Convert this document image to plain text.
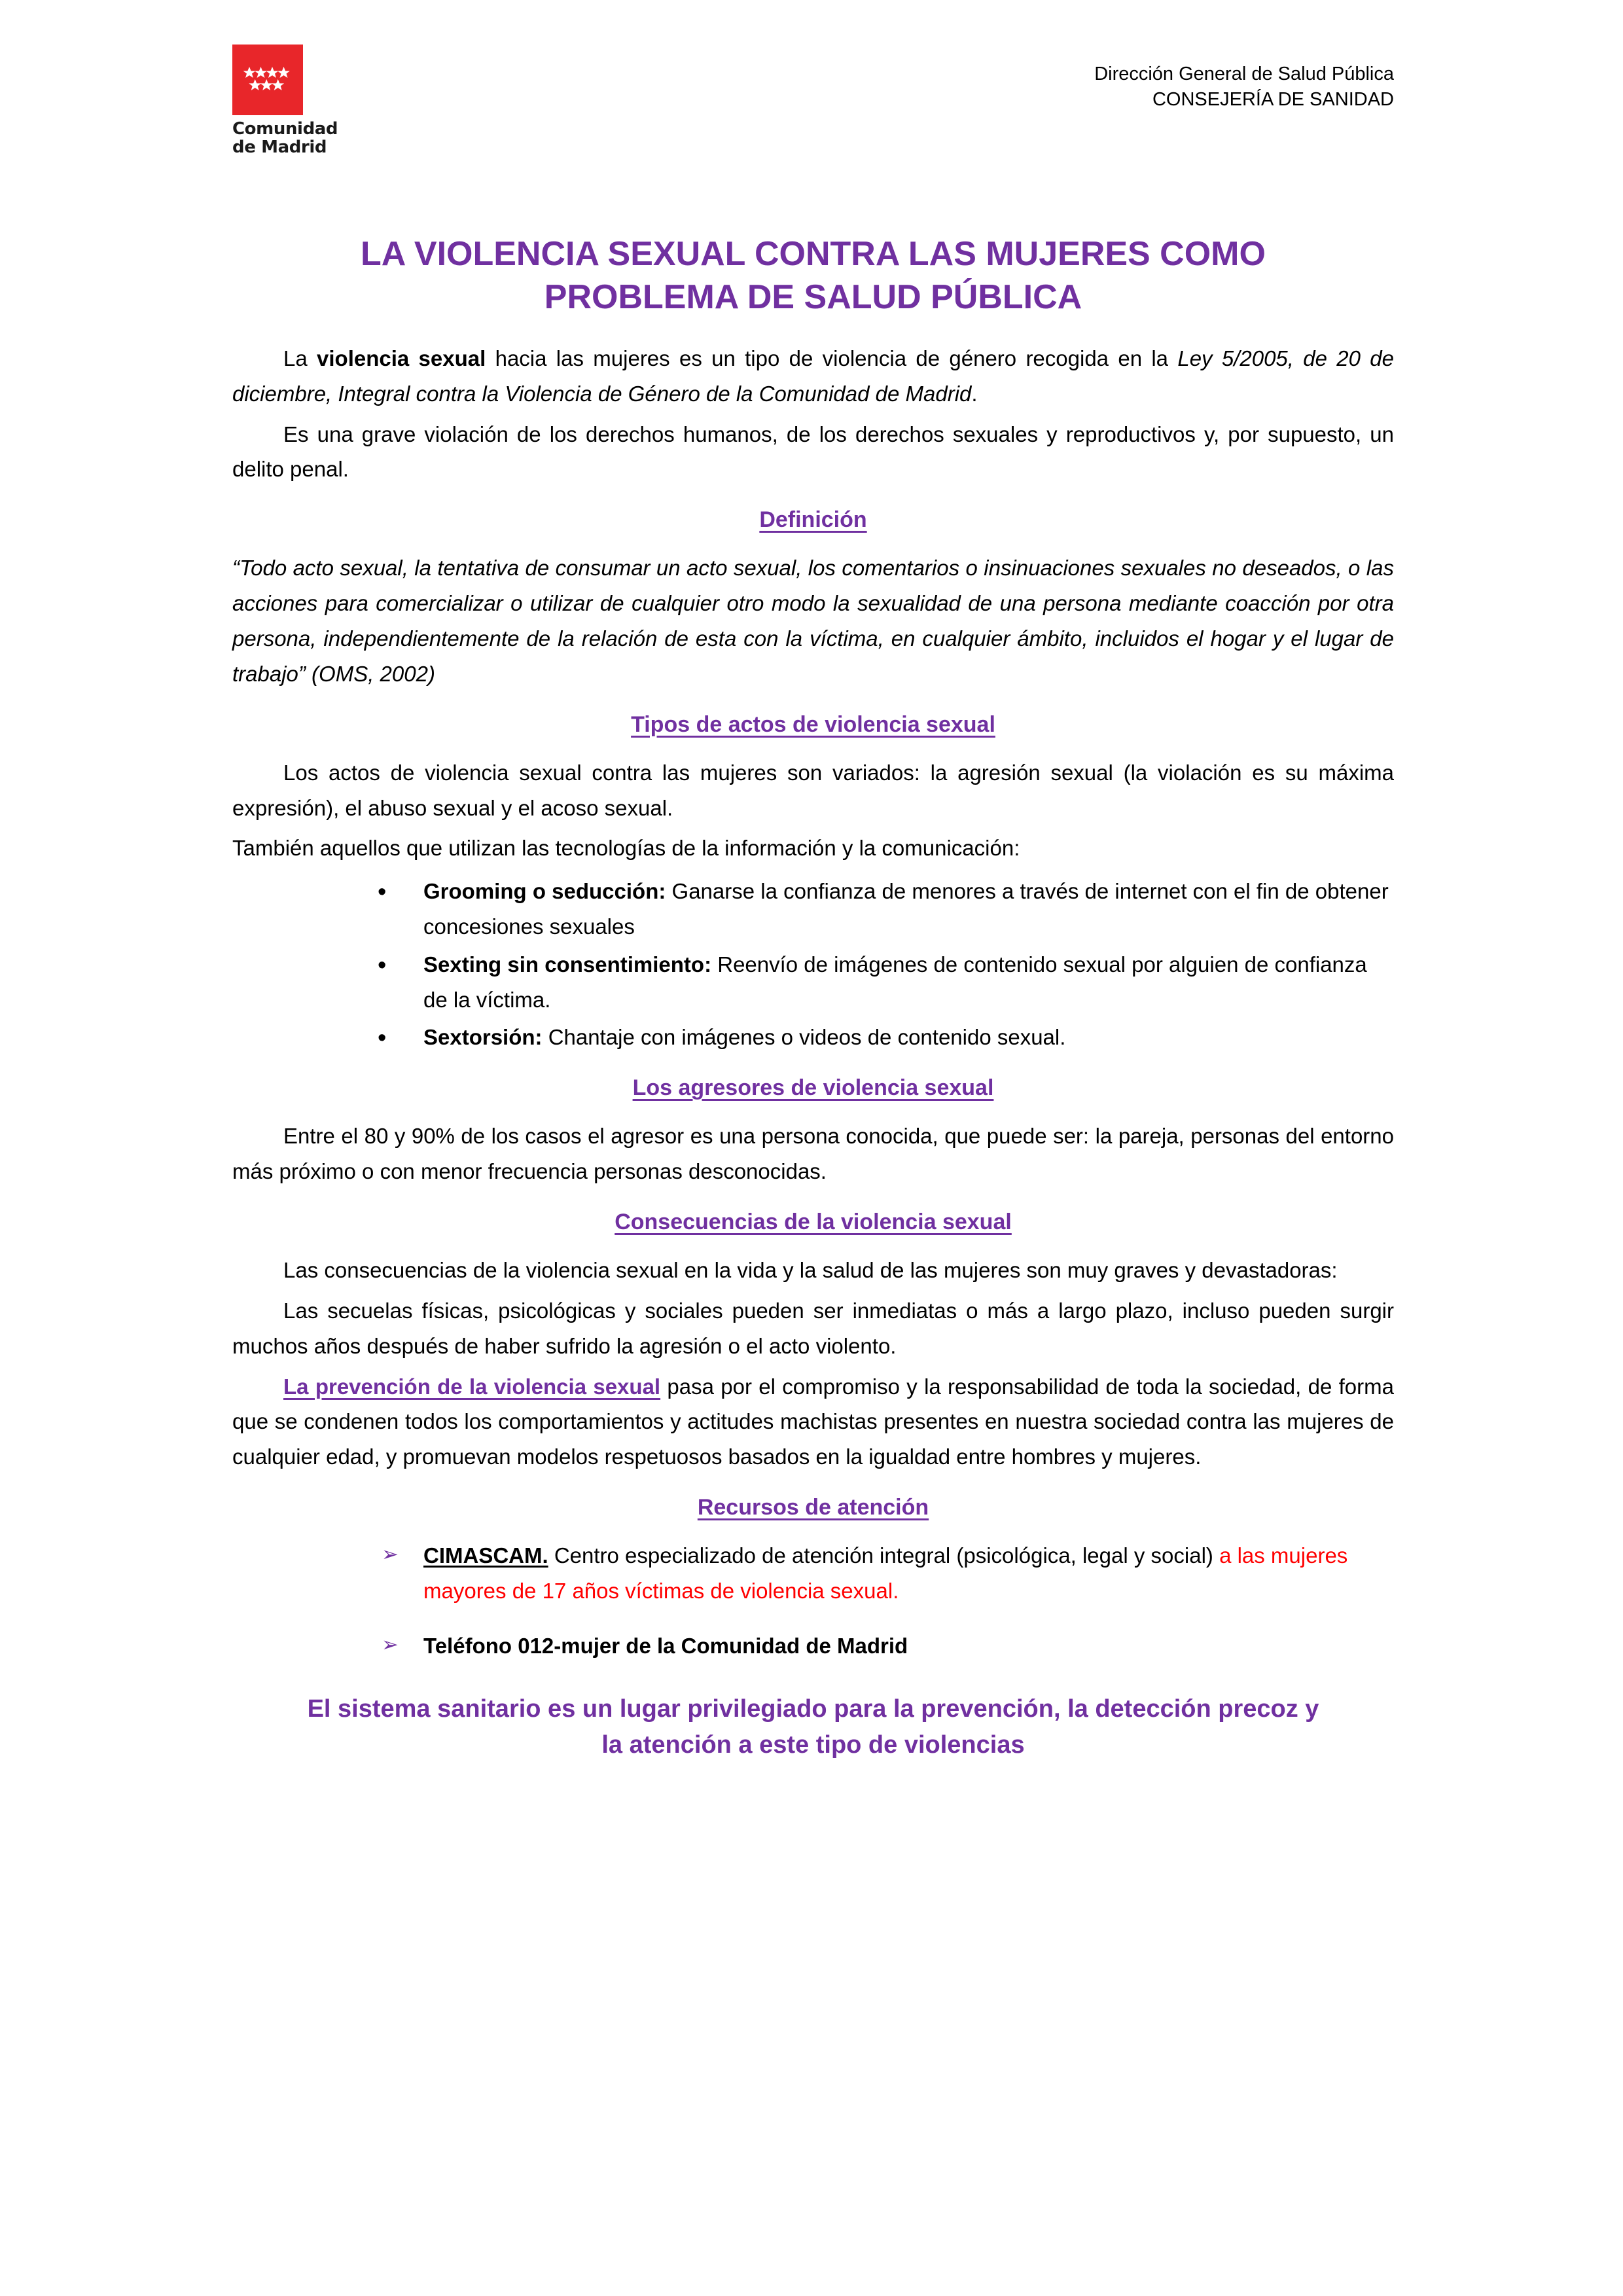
Comunidad
de Madrid
Dirección General de Salud Pública
CONSEJERÍA DE SANIDAD
LA VIOLENCIA SEXUAL CONTRA LAS MUJERES COMO
PROBLEMA DE SALUD PÚBLICA

La violencia sexual hacia las mujeres es un tipo de violencia de género recogida en la Ley 5/2005, de 20 de diciembre, Integral contra la Violencia de Género de la Comunidad de Madrid.

Es una grave violación de los derechos humanos, de los derechos sexuales y reproductivos y, por supuesto, un delito penal.

Definición

“Todo acto sexual, la tentativa de consumar un acto sexual, los comentarios o insinuaciones sexuales no deseados, o las acciones para comercializar o utilizar de cualquier otro modo la sexualidad de una persona mediante coacción por otra persona, independientemente de la relación de esta con la víctima, en cualquier ámbito, incluidos el hogar y el lugar de trabajo” (OMS, 2002)

Tipos de actos de violencia sexual

Los actos de violencia sexual contra las mujeres son variados: la agresión sexual (la violación es su máxima expresión), el abuso sexual y el acoso sexual.

También aquellos que utilizan las tecnologías de la información y la comunicación:

• Grooming o seducción: Ganarse la confianza de menores a través de internet con el fin de obtener concesiones sexuales
• Sexting sin consentimiento: Reenvío de imágenes de contenido sexual por alguien de confianza de la víctima.
• Sextorsión: Chantaje con imágenes o videos de contenido sexual.
Los agresores de violencia sexual

Entre el 80 y 90% de los casos el agresor es una persona conocida, que puede ser: la pareja, personas del entorno más próximo o con menor frecuencia personas desconocidas.

Consecuencias de la violencia sexual

Las consecuencias de la violencia sexual en la vida y la salud de las mujeres son muy graves y devastadoras:

Las secuelas físicas, psicológicas y sociales pueden ser inmediatas o más a largo plazo, incluso pueden surgir muchos años después de haber sufrido la agresión o el acto violento.

La prevención de la violencia sexual pasa por el compromiso y la responsabilidad de toda la sociedad, de forma que se condenen todos los comportamientos y actitudes machistas presentes en nuestra sociedad contra las mujeres de cualquier edad, y promuevan modelos respetuosos basados en la igualdad entre hombres y mujeres.

Recursos de atención
➢ CIMASCAM. Centro especializado de atención integral (psicológica, legal y social) a las mujeres mayores de 17 años víctimas de violencia sexual.
➢ Teléfono 012-mujer de la Comunidad de Madrid

El sistema sanitario es un lugar privilegiado para la prevención, la detección precoz y
la atención a este tipo de violencias
